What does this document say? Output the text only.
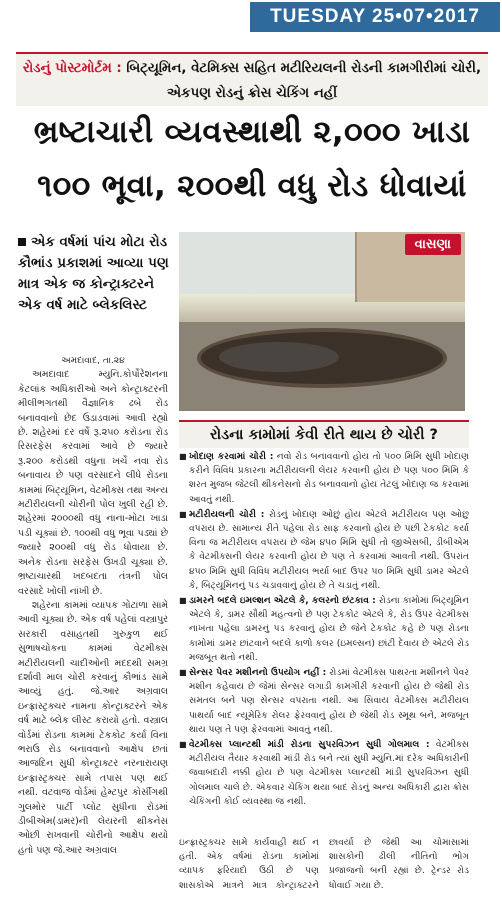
TUESDAY 25•07•2017
રોડનું પોસ્ટમોર્ટમ : બિટ્યૂમિન, વેટમિક્સ સહિત મટીરિયલની રોડની કામગીરીમાં ચોરી, એકપણ રોડનું ક્રોસ ચેકિંગ નહીં
ભ્રષ્ટાચારી વ્યવસ્થાથી ૨,૦૦૦ ખાડા
૧૦૦ ભૂવા, ૨૦૦થી વધુ રોડ ધોવાયાં
એક વર્ષમાં પાંચ મોટા રોડ કૌભાંડ પ્રકાશમાં આવ્યા પણ માત્ર એક જ કોન્ટ્રાક્ટરને એક વર્ષ માટે બ્લેકલિસ્ટ
વાસણા
અમદાવાદ, તા.૨૪

અમદાવાદ મ્યુનિ.કોર્પોરેશનના કેટલાંક અધિકારીઓ અને કોન્ટ્રાક્ટરની મીલીભગતથી વૈજ્ઞાનિક ઢબે રોડ બનાવવાનો છેદ ઉડાડવામાં આવી રહ્યો છે. શહેરમાં દર વર્ષે રૂ.૨૫૦ કરોડના રોડ રિસરફેસ કરવામાં આવે છે જ્યારે રૂ.૨૦૦ કરોડથી વધુના ખર્ચે નવા રોડ બનાવાય છે પણ વરસાદને લીધે રોડના કામમાં બિટ્યૂમિન, વેટમીક્સ તથા અન્ય મટીરીયલની ચોરીની પોલ ખુલી રહી છે. શહેરમાં ૨૦૦૦થી વધુ નાના-મોટા ખાડા પડી ચૂક્યાં છે. ૧૦૦થી વધુ ભૂવા પડ્યાં છે જ્યારે ૨૦૦થી વધુ રોડ ધોવાયા છે. અનેક રોડના સરફેસ ઉખડી ચૂક્યા છે. ભ્રષ્ટાચારથી ખદબદતા તંત્રની પોલ વરસાદે ખોલી નાંખી છે.

શહેરના કામમાં વ્યાપક ગોટાળા સામે આવી ચૂક્યા છે. એક વર્ષ પહેલાં વસ્ત્રાપુર સરકારી વસાહતથી ગુરુકુળ થઈ સુભાષચોકના કામમાં વેટમીક્સ મટીરીયલની ચાદીઓની મદદથી સમગ્ર દર્શાવી માલ ચોરી કરવાનું કૌભાંડ સામે આવ્યું હતું. જે.આર અગ્રવાલ ઇન્ફ્રાસ્ટ્રક્ચર નામના કોન્ટ્રાક્ટરને એક વર્ષ માટે બ્લેક લીસ્ટ કરાયો હતો. વસ્ત્રાલ વોર્ડમાં રોડના કામમાં ટેકકોટ કર્યા વિના ભરાઉ રોડ બનાવવાનો આક્ષેપ છતાં આજદિન સુધી કોન્ટ્રાક્ટર નરનારાયણ ઇન્ફ્રાસ્ટ્રક્ચર સામે તપાસ પણ થઈ નથી. વટવાજ વોર્ડમાં હેમ્ટપુર કોર્સીગથી ગુલમોર પાર્ટી પ્લોટ સુધીના રોડમાં ડીબીએમ(ડામર)ની લેયરની થીકનેસ ઓછી રાખવાની ચોરીનો આક્ષેપ થયો હતો પણ જે.આર અગ્રવાલ

રોડના કામોમાં કેવી રીતે થાય છે ચોરી ?
■ ખોદાણ કરવામાં ચોરી : નવો રોડ બનાવવાનો હોય તો ૫૦૦ મિમિ સુધી ખોદાણ કરીને વિવિધ પ્રકારના મટીરીયલની લેયર કરવાની હોય છે પણ ૫૦૦ મિમિ કે શરત મુજબ જેટલી થીકનેસનો રોડ બનાવવાનો હોય તેટલું ખોદાણ જ કરવામાં આવતું નથી.
■ મટીરીયલની ચોરી : રોડનું ખોદાણ ઓછું હોય એટલે મટીરીયલ પણ ઓછુ વપરાય છે. સામાન્ય રીતે પહેલા રોડ સાફ કરવાનો હોય છે પછી ટેકકોટ કર્યા વિના જ મટીરીયલ વપરાય છે જેમ ૪૫૦ મિમિ સુધી તો જીએસબી, ડીબીએમ કે વેટમીક્સની લેયર કરવાની હોય છે પણ તે કરવામાં આવતી નથી. ઉપરાંત ૪૫૦ મિમિ સુધી વિવિધ મટીરીયલ ભર્યા બાદ ઉપર ૫૦ મિમિ સુધી ડામર એટલે કે, બિટ્યૂમિનનું પડ ચડાવવાનું હોય છે તે ચડાતું નથી.
■ ડામરને બદલે ઇમલ્શન એટલે કે, કલરનો છંટકાવ : રોડના કામોમાં બિટ્યૂમિન એટલે કે, ડામર સૌથી મહત્વનો છે પણ ટેકકોટ એટલે કે, રોડ ઉપર વેટમીક્સ નાખતા પહેલા ડામરનું પડ કરવાનું હોય છે જેને ટેકકોટ કહે છે પણ રોડના કામોમાં ડામર છાંટવાને બદલે કાળો કલર (ઇમલ્સન) છાંટી દેવાય છે એટલે રોડ મજબૂત થતો નથી.
■ સેન્સર પેવર મશીનનો ઉપયોગ નહીં : રોડમાં વેટમીક્સ પાથરતા મશીનને પેવર મશીન કહેવાય છે જેમાં સેન્સર લગાડી કામગીરી કરવાની હોય છે જેથી રોડ સમતલ બને પણ સેન્સર વપરાતા નથી. આ સિવાય વેટમીક્સ મટીરીયલ પાથર્યા બાદ ન્યૂમેરિક રોલર ફેરવવાનું હોય છે જેથી રોડ સ્મૂથ બને, મજબૂત થાય પણ તે પણ ફેરવવામાં આવતું નથી.
■ વેટમીક્સ પ્લાન્ટથી માંડી રોડના સુપરવિઝન સુધી ગોલમાલ : વેટમીક્સ મટીરીયલ તૈયાર કરવાથી માંડી રોડ બને ત્યાં સુધી મ્યુનિ.માં દરેક અધિકારીની જવાબદારી નક્કી હોય છે પણ વેટમીક્સ પ્લાન્ટથી માંડી સુપરવિઝન સુધી ગોલમાલ ચાલે છે. એકવાર ચેકિંગ થયા બાદ રોડનું અન્ય અધિકારી દ્વારા ક્રોસ ચેકિંગની કોઈ વ્યવસ્થા જ નથી.
ઇન્ફ્રાસ્ટ્રક્ચર સામે કાર્યવાહી થઈ ન હતી. એક વર્ષમાં રોડના કામોમાં વ્યાપક ફરિયાદો ઉઠી છે પણ શાસકોએ માત્રને માત્ર કોન્ટ્રાક્ટરને છાવર્યા છે જેથી આ ચોમાસામાં શાસકોની ઢીલી નીતિનો ભોગ પ્રજાજનો બની રહ્યાં છે. ટ્રેન્ડર રોડ ધોવાઈ ગયા છે.
